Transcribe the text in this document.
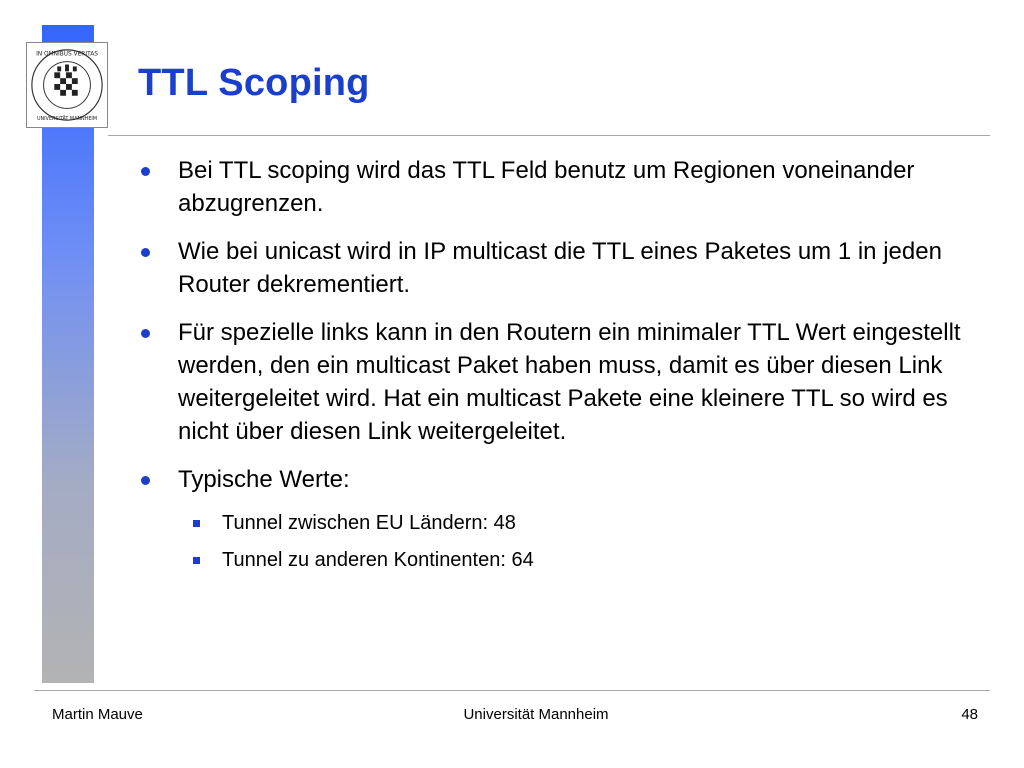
IN OMNIBUS VERITAS
UNIVERSITÄT MANNHEIM
TTL Scoping
Bei TTL scoping wird das TTL Feld benutz um Regionen voneinander abzugrenzen.
Wie bei unicast wird in IP multicast die TTL eines Paketes um 1 in jeden Router dekrementiert.
Für spezielle links kann in den Routern ein minimaler TTL Wert eingestellt werden, den ein multicast Paket haben muss, damit es über diesen Link weitergeleitet wird. Hat ein multicast Pakete eine kleinere TTL so wird es nicht über diesen Link weitergeleitet.
Typische Werte:
Tunnel zwischen EU Ländern: 48
Tunnel zu anderen Kontinenten: 64
Martin Mauve	Universität Mannheim	48
